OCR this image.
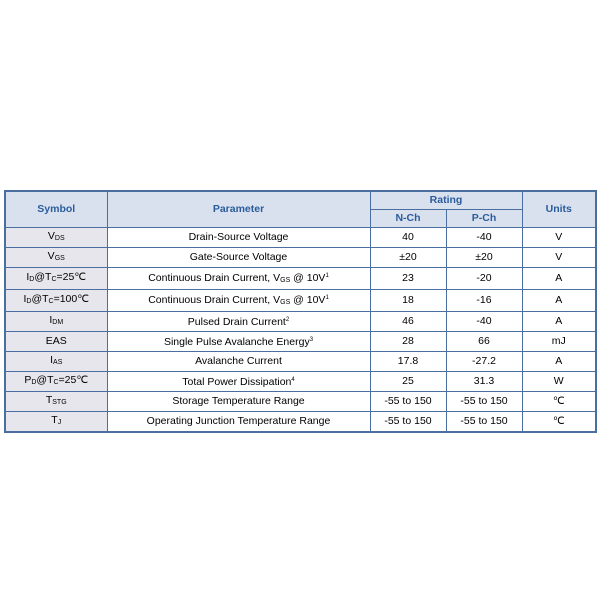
Symbol	Parameter	Rating		Units
		N-Ch	P-Ch	
VDS	Drain-Source Voltage	40	-40	V
VGS	Gate-Source Voltage	±20	±20	V
ID@TC=25℃	Continuous Drain Current, VGS @ $10V^1$	23	-20	A
ID@TC=100℃	Continuous Drain Current, VGS @ $10V^1$	18	-16	A
IDM	Pulsed Drain Current$^2$	46	-40	A
EAS	Single Pulse Avalanche Energy$^3$	28	66	mJ
IAS	Avalanche Current	17.8	-27.2	A
PD@TC=25℃	Total Power Dissipation$^4$	25	31.3	W
TSTG	Storage Temperature Range	-55 to 150	-55 to 150	℃
TJ	Operating Junction Temperature Range	-55 to 150	-55 to 150	℃
